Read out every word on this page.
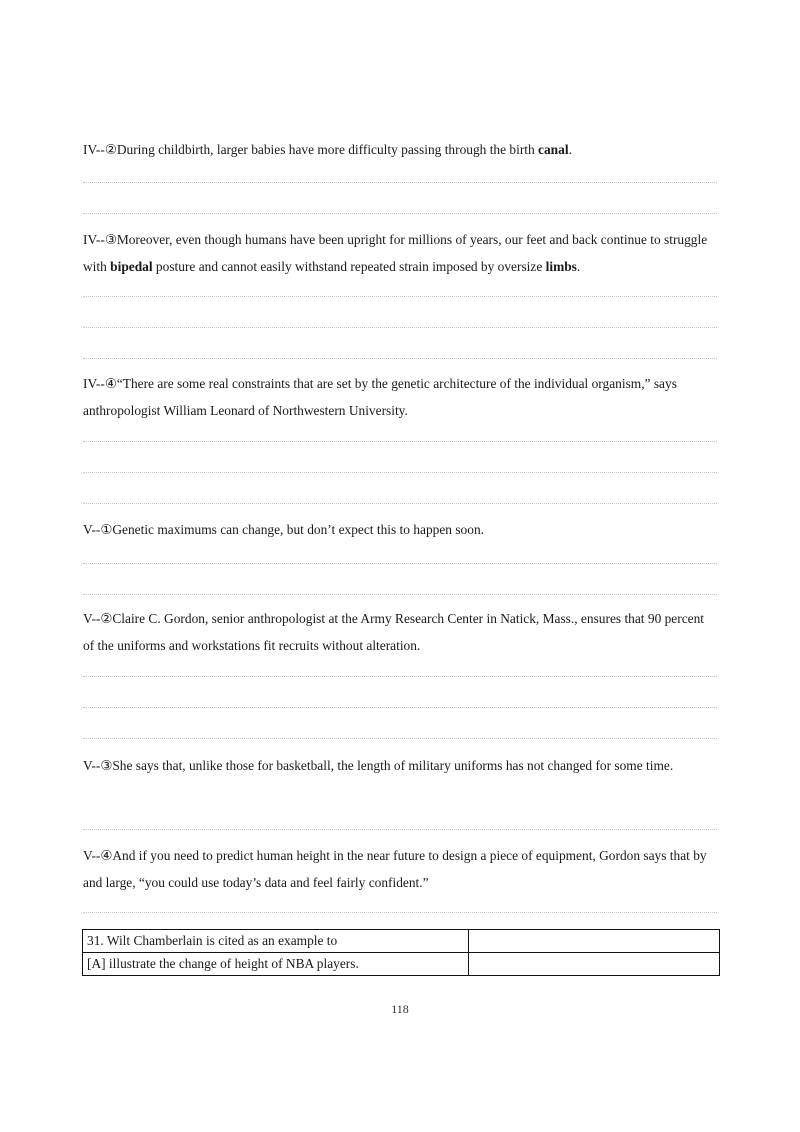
IV--②During childbirth, larger babies have more difficulty passing through the birth canal.
IV--③Moreover, even though humans have been upright for millions of years, our feet and back continue to struggle with bipedal posture and cannot easily withstand repeated strain imposed by oversize limbs.
IV--④“There are some real constraints that are set by the genetic architecture of the individual organism,” says anthropologist William Leonard of Northwestern University.
V--①Genetic maximums can change, but don’t expect this to happen soon.
V--②Claire C. Gordon, senior anthropologist at the Army Research Center in Natick, Mass., ensures that 90 percent of the uniforms and workstations fit recruits without alteration.
V--③She says that, unlike those for basketball, the length of military uniforms has not changed for some time.
V--④And if you need to predict human height in the near future to design a piece of equipment, Gordon says that by and large, “you could use today’s data and feel fairly confident.”
31. Wilt Chamberlain is cited as an example to	
[A] illustrate the change of height of NBA players.	
118
